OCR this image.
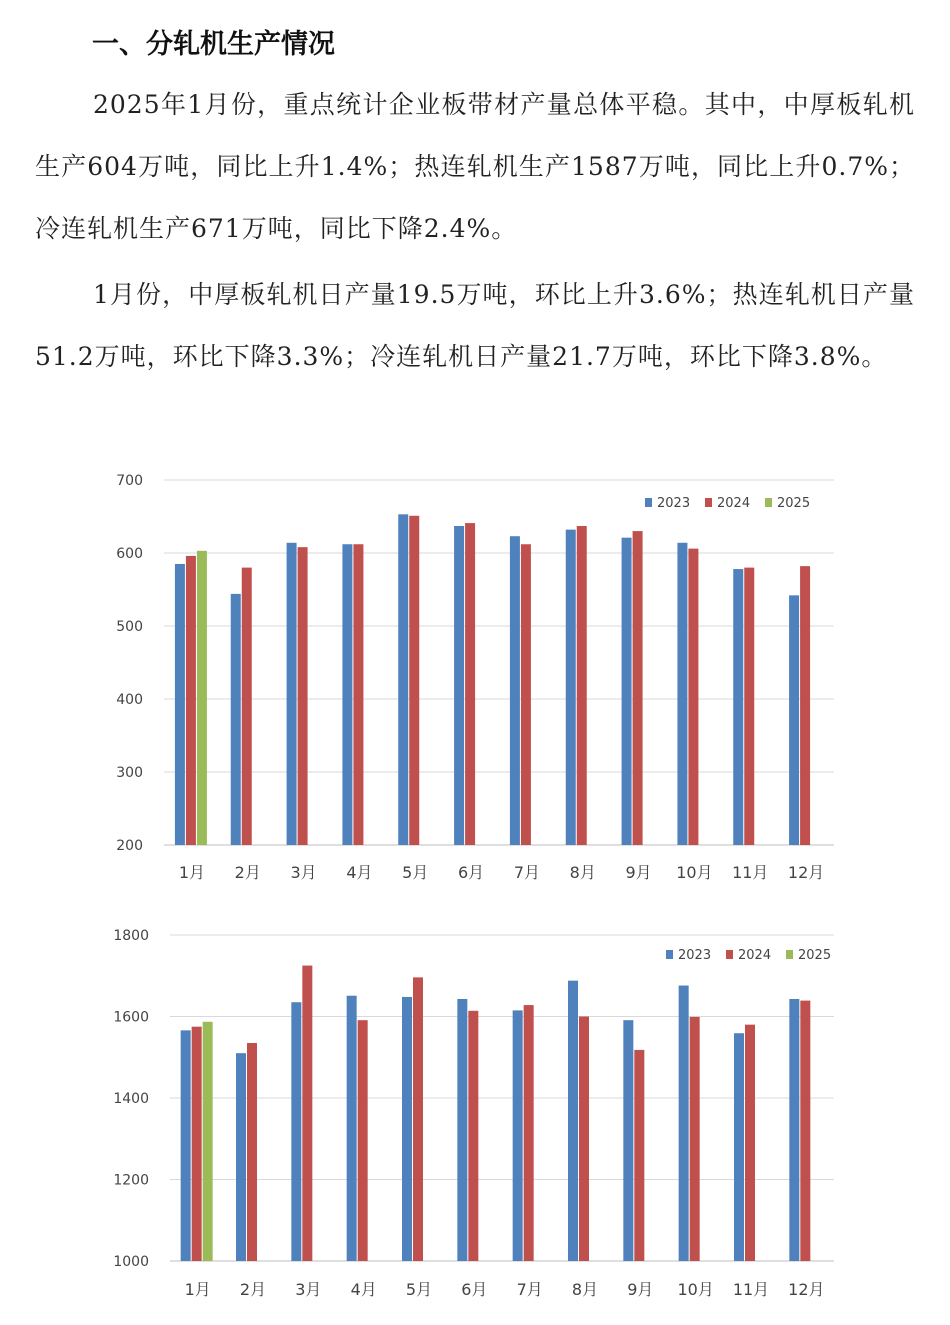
一、分轧机生产情况

2025年1月份，重点统计企业板带材产量总体平稳。其中，中厚板轧机生产604万吨，同比上升1.4%；热连轧机生产1587万吨，同比上升0.7%；冷连轧机生产671万吨，同比下降2.4%。

1月份，中厚板轧机日产量19.5万吨，环比上升3.6%；热连轧机日产量51.2万吨，环比下降3.3%；冷连轧机日产量21.7万吨，环比下降3.8%。

200
300
400
500
600
700
1月 2月 3月 4月 5月 6月 7月 8月 9月 10月 11月 12月
2023 2024 2025
1000
1200
1400
1600
1800
1月 2月 3月 4月 5月 6月 7月 8月 9月 10月 11月 12月
2023 2024 2025
